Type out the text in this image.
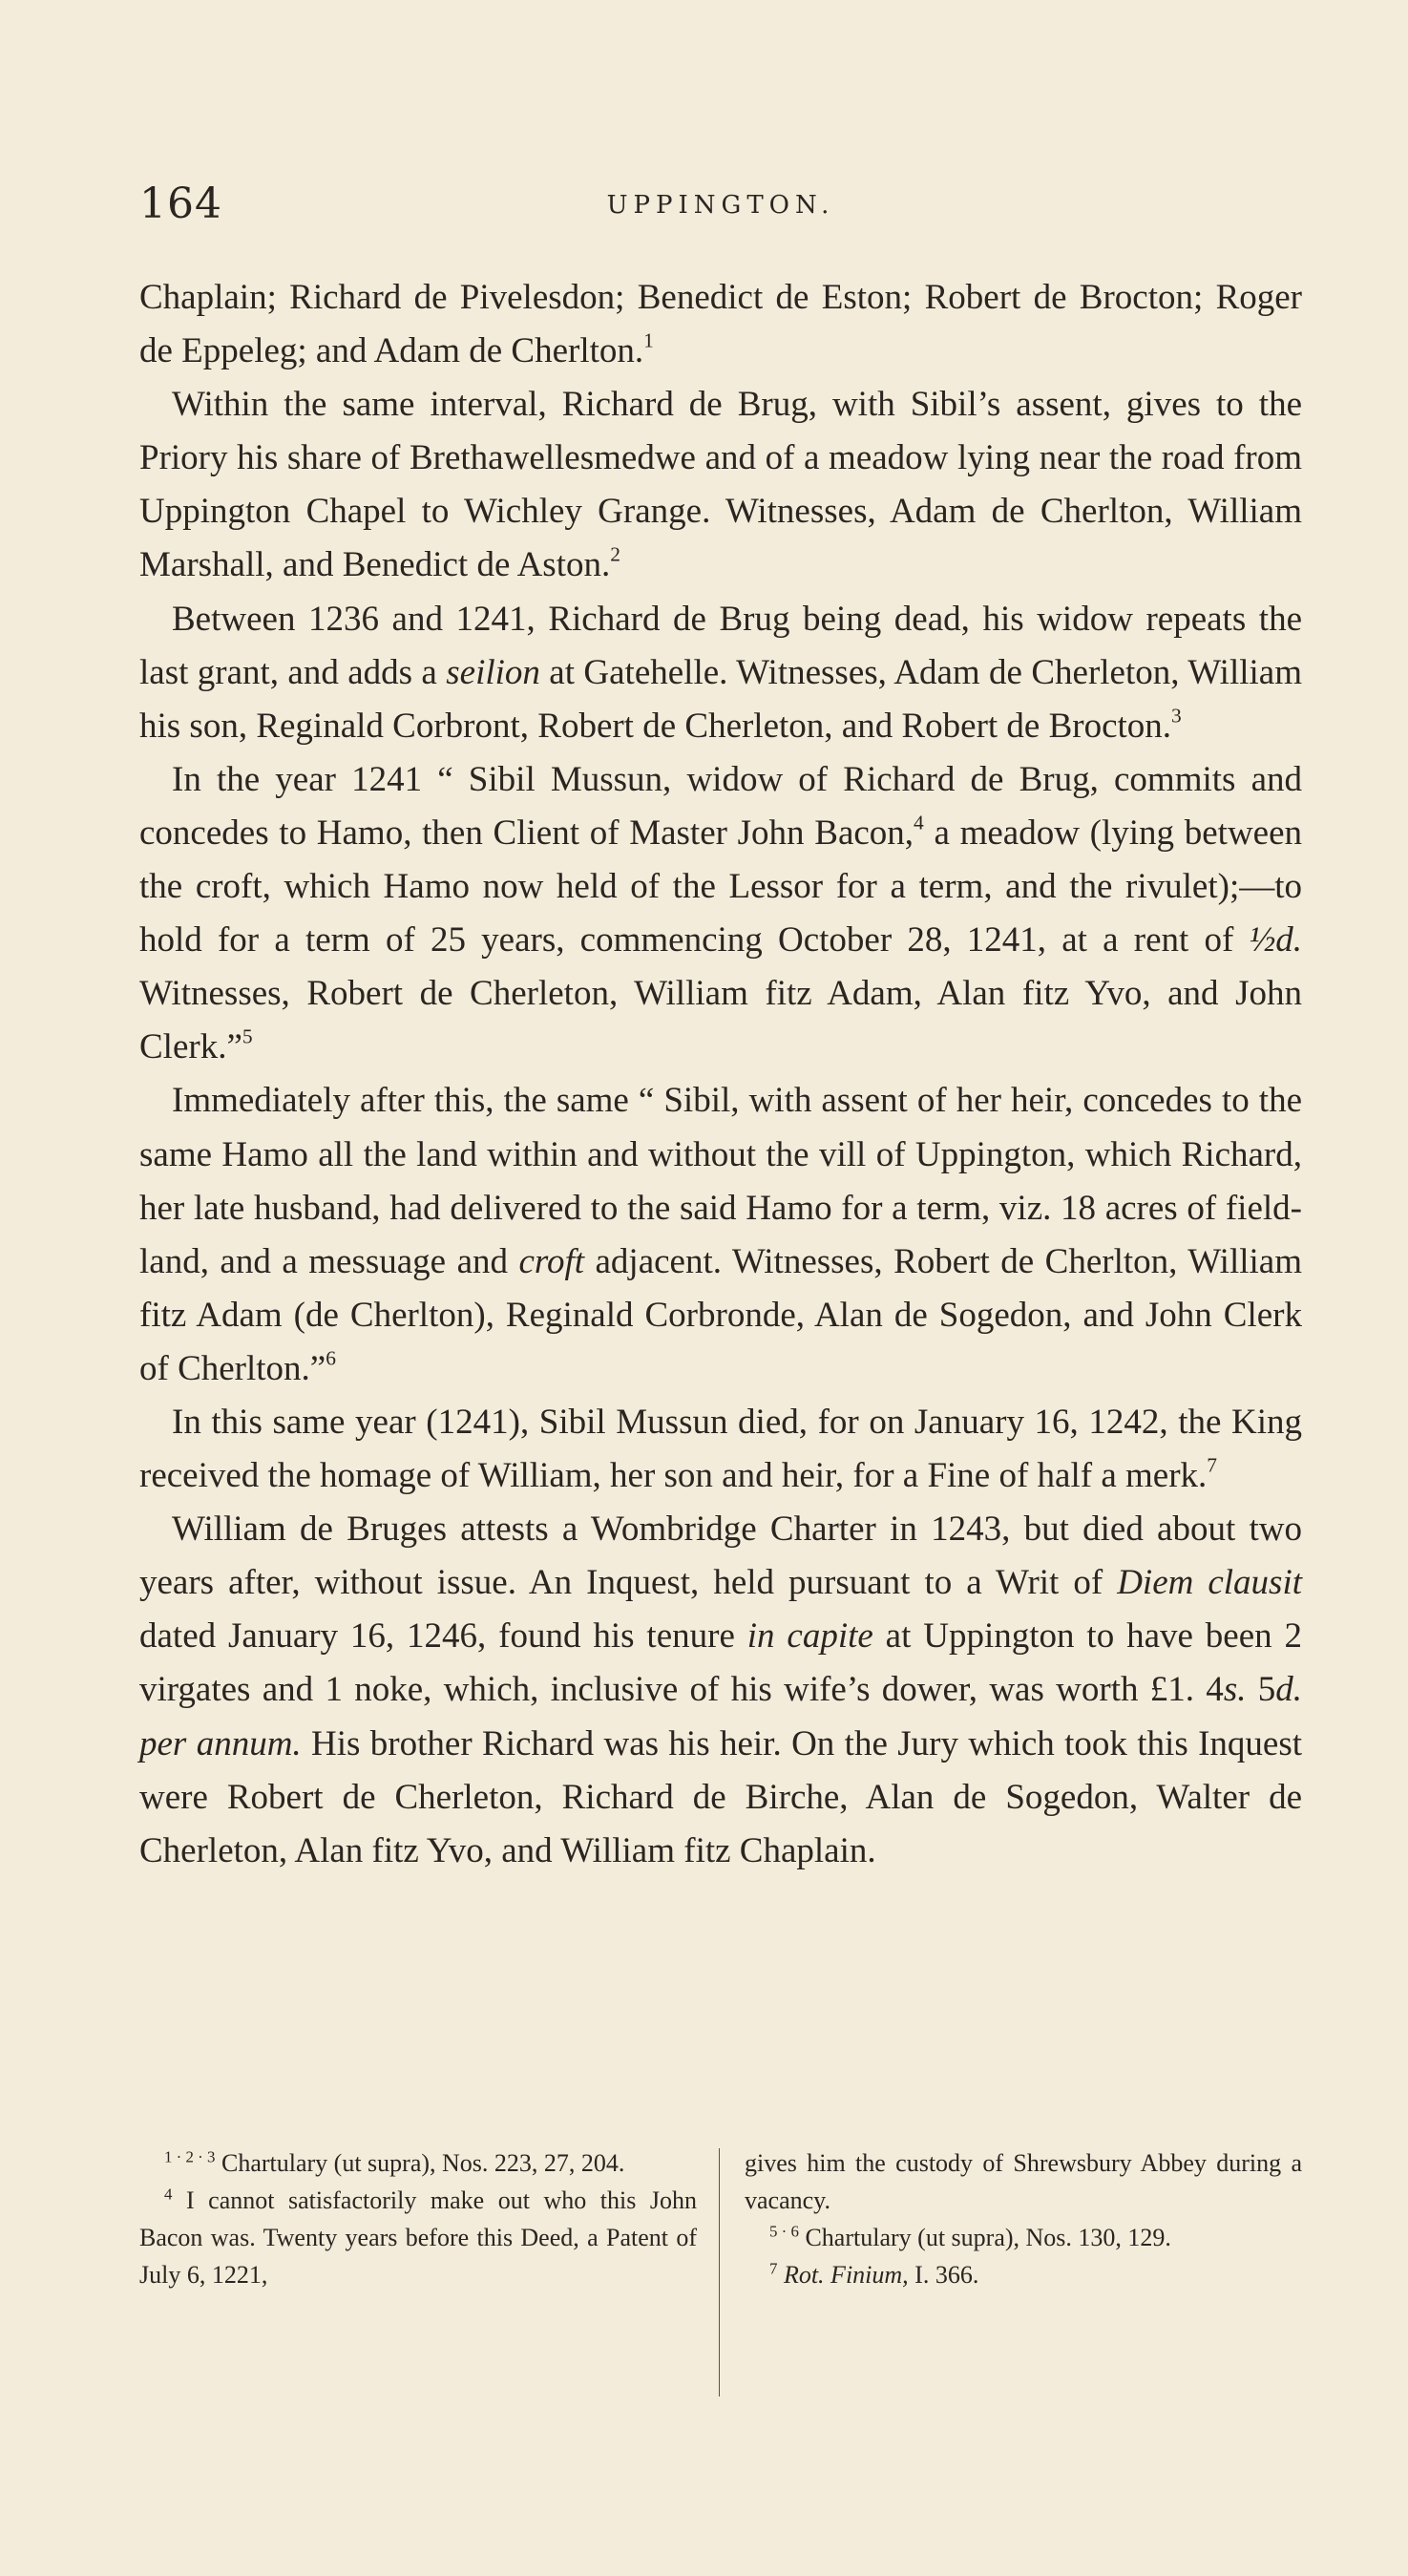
164	UPPINGTON.

Chaplain; Richard de Pivelesdon; Benedict de Eston; Robert de Brocton; Roger de Eppeleg; and Adam de Cherlton.$^1$

Within the same interval, Richard de Brug, with Sibil’s assent, gives to the Priory his share of Brethawellesmedwe and of a meadow lying near the road from Uppington Chapel to Wichley Grange. Witnesses, Adam de Cherlton, William Marshall, and Benedict de Aston.$^2$

Between 1236 and 1241, Richard de Brug being dead, his widow repeats the last grant, and adds a seilion at Gatehelle. Witnesses, Adam de Cherleton, William his son, Reginald Corbront, Robert de Cherleton, and Robert de Brocton.$^3$

In the year 1241 “ Sibil Mussun, widow of Richard de Brug, commits and concedes to Hamo, then Client of Master John Bacon,$^4$ a meadow (lying between the croft, which Hamo now held of the Lessor for a term, and the rivulet);—to hold for a term of 25 years, commencing October 28, 1241, at a rent of ½d. Witnesses, Robert de Cherleton, William fitz Adam, Alan fitz Yvo, and John Clerk.”$^5$

Immediately after this, the same “ Sibil, with assent of her heir, concedes to the same Hamo all the land within and without the vill of Uppington, which Richard, her late husband, had delivered to the said Hamo for a term, viz. 18 acres of field-land, and a messuage and croft adjacent. Witnesses, Robert de Cherlton, William fitz Adam (de Cherlton), Reginald Corbronde, Alan de Sogedon, and John Clerk of Cherlton.”$^6$

In this same year (1241), Sibil Mussun died, for on January 16, 1242, the King received the homage of William, her son and heir, for a Fine of half a merk.$^7$

William de Bruges attests a Wombridge Charter in 1243, but died about two years after, without issue. An Inquest, held pursuant to a Writ of Diem clausit dated January 16, 1246, found his tenure in capite at Uppington to have been 2 virgates and 1 noke, which, inclusive of his wife’s dower, was worth £1. 4s. 5d. per annum. His brother Richard was his heir. On the Jury which took this Inquest were Robert de Cherleton, Richard de Birche, Alan de Sogedon, Walter de Cherleton, Alan fitz Yvo, and William fitz Chaplain.

$^{1 \cdot 2 \cdot 3}$ Chartulary (ut supra), Nos. 223, 27, 204.

$^4$ I cannot satisfactorily make out who this John Bacon was. Twenty years before this Deed, a Patent of July 6, 1221,

gives him the custody of Shrewsbury Abbey during a vacancy.

$^{5 \cdot 6}$ Chartulary (ut supra), Nos. 130, 129.

$^7$ Rot. Finium, I. 366.
